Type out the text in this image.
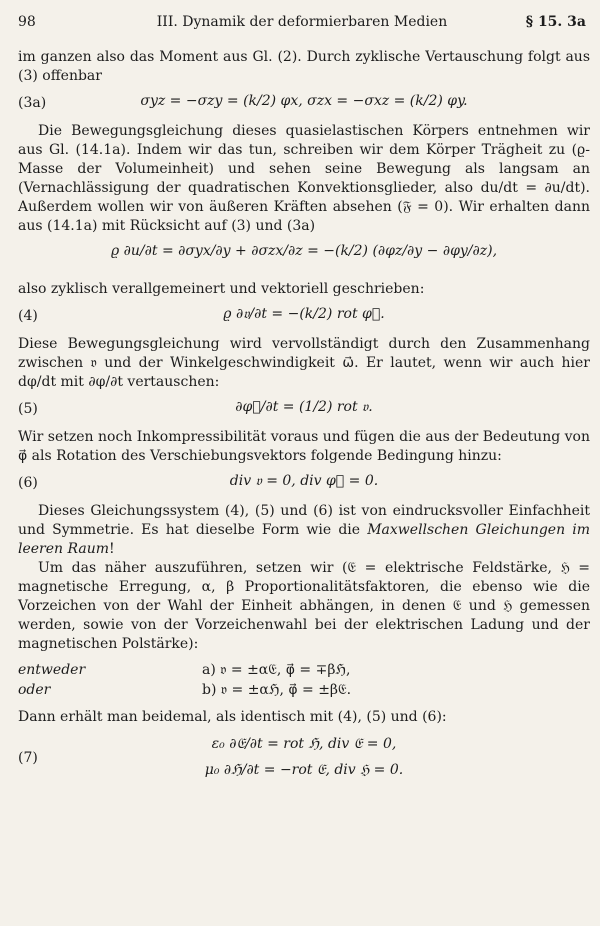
98	III. Dynamik der deformierbaren Medien	§ 15. 3a

im ganzen also das Moment aus Gl. (2). Durch zyklische Vertauschung folgt aus (3) offenbar

(3a)	σyz = −σzy = (k/2) φx, σzx = −σxz = (k/2) φy.

Die Bewegungsgleichung dieses quasielastischen Körpers entnehmen wir aus Gl. (14.1a). Indem wir das tun, schreiben wir dem Körper Trägheit zu (ϱ-Masse der Volumeinheit) und sehen seine Bewegung als langsam an (Vernachlässigung der quadratischen Konvektionsglieder, also du/dt = ∂u/dt). Außerdem wollen wir von äußeren Kräften absehen (𝔉 = 0). Wir erhalten dann aus (14.1a) mit Rücksicht auf (3) und (3a)

ϱ ∂u/∂t = ∂σyx/∂y + ∂σzx/∂z = −(k/2) (∂φz/∂y − ∂φy/∂z),

also zyklisch verallgemeinert und vektoriell geschrieben:

(4)	ϱ ∂𝔳/∂t = −(k/2) rot φ⃗.

Diese Bewegungsgleichung wird vervollständigt durch den Zusammenhang zwischen 𝔳 und der Winkelgeschwindigkeit ω⃗. Er lautet, wenn wir auch hier dφ/dt mit ∂φ/∂t vertauschen:

(5)	∂φ⃗/∂t = (1/2) rot 𝔳.

Wir setzen noch Inkompressibilität voraus und fügen die aus der Bedeutung von φ⃗ als Rotation des Verschiebungsvektors folgende Bedingung hinzu:

(6)	div 𝔳 = 0, div φ⃗ = 0.

Dieses Gleichungssystem (4), (5) und (6) ist von eindrucksvoller Einfachheit und Symmetrie. Es hat dieselbe Form wie die Maxwellschen Gleichungen im leeren Raum!

Um das näher auszuführen, setzen wir (𝔈 = elektrische Feldstärke, ℌ = magnetische Erregung, α, β Proportionalitätsfaktoren, die ebenso wie die Vorzeichen von der Wahl der Einheit abhängen, in denen 𝔈 und ℌ gemessen werden, sowie von der Vorzeichenwahl bei der elektrischen Ladung und der magnetischen Polstärke):

entweder	a) 𝔳 = ±α𝔈, φ⃗ = ∓βℌ,
oder	b) 𝔳 = ±αℌ, φ⃗ = ±β𝔈.

Dann erhält man beidemal, als identisch mit (4), (5) und (6):

(7)
ε₀ ∂𝔈/∂t = rot ℌ, div 𝔈 = 0,
μ₀ ∂ℌ/∂t = −rot 𝔈, div ℌ = 0.
